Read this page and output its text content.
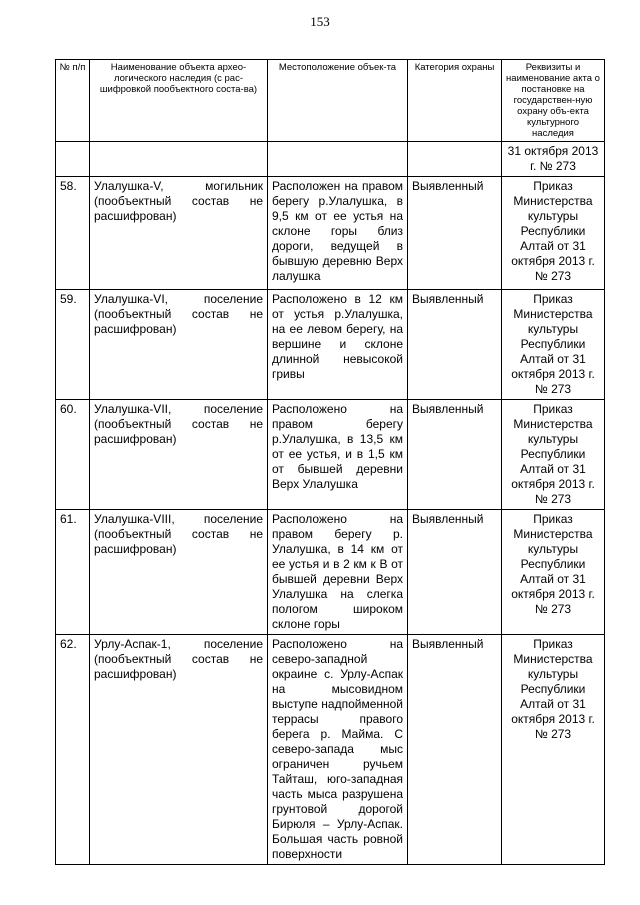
153
№ п/п	Наименование объекта архео-логического наследия (с рас-шифровкой пообъектного соста-ва)	Местоположение объек-та	Категория охраны	Реквизиты и наименование акта о постановке на государствен-ную охрану объ-екта культурного наследия
				31 октября 2013 г. № 273
58.	Улалушка-V, могильник (пообъектный состав не расшифрован)	Расположен на правом берегу р.Улалушка, в 9,5 км от ее устья на склоне горы близ дороги, ведущей в бывшую деревню Верх лалушка	Выявленный	Приказ Министерства культуры Республики Алтай от 31 октября 2013 г. № 273
59.	Улалушка-VI, поселение (пообъектный состав не расшифрован)	Расположено в 12 км от устья р.Улалушка, на ее левом берегу, на вершине и склоне длинной невысокой гривы	Выявленный	Приказ Министерства культуры Республики Алтай от 31 октября 2013 г. № 273
60.	Улалушка-VII, поселение (пообъектный состав не расшифрован)	Расположено на правом берегу р.Улалушка, в 13,5 км от ее устья, и в 1,5 км от бывшей деревни Верх Улалушка	Выявленный	Приказ Министерства культуры Республики Алтай от 31 октября 2013 г. № 273
61.	Улалушка-VIII, поселение (пообъектный состав не расшифрован)	Расположено на правом берегу р. Улалушка, в 14 км от ее устья и в 2 км к В от бывшей деревни Верх Улалушка на слегка пологом широком склоне горы	Выявленный	Приказ Министерства культуры Республики Алтай от 31 октября 2013 г. № 273
62.	Урлу-Аспак-1, поселение (пообъектный состав не расшифрован)	Расположено на северо-западной окраине с. Урлу-Аспак на мысовидном выступе надпойменной террасы правого берега р. Майма. С северо-запада мыс ограничен ручьем Тайташ, юго-западная часть мыса разрушена грунтовой дорогой Бирюля – Урлу-Аспак. Большая часть ровной поверхности	Выявленный	Приказ Министерства культуры Республики Алтай от 31 октября 2013 г. № 273
